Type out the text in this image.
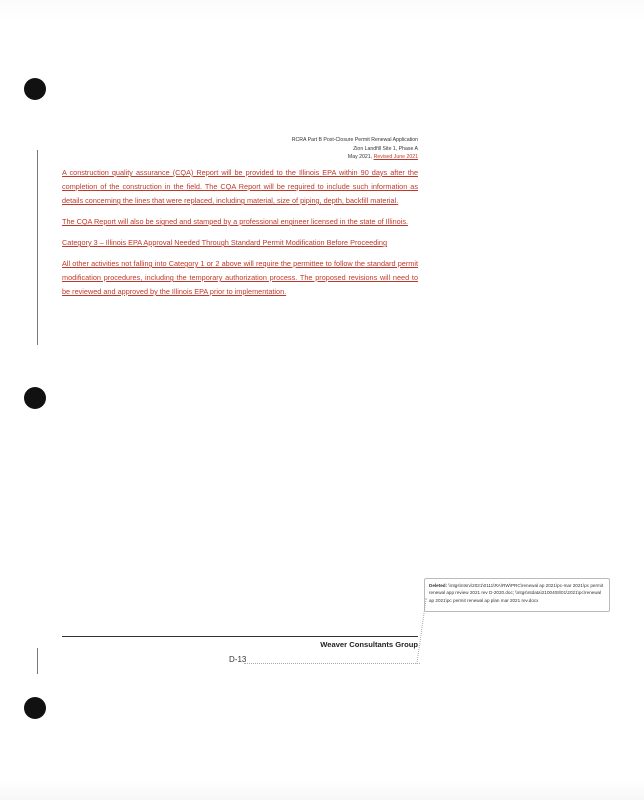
RCRA Part B Post-Closure Permit Renewal Application
Zion Landfill Site 1, Phase A
May 2021, Revised June 2021

A construction quality assurance (CQA) Report will be provided to the Illinois EPA within 90 days after the completion of the construction in the field. The CQA Report will be required to include such information as details concerning the lines that were replaced, including material, size of piping, depth, backfill material.

The CQA Report will also be signed and stamped by a professional engineer licensed in the state of Illinois.

Category 3 – Illinois EPA Approval Needed Through Standard Permit Modification Before Proceeding

All other activities not falling into Category 1 or 2 above will require the permittee to follow the standard permit modification procedures, including the temporary authorization process. The proposed revisions will need to be reviewed and approved by the Illinois EPA prior to implementation.

Deleted: \\ntgs\ntsrv\2021\0111\RA\RW\PRC\renewal ap 2021\pc-mar 2021\pc permit renewal app review 2021 rev D-2020.doc; \\ntgs\ntdata\2100408\01\2021\pc\renewal ap 2021\pc permit renewal ap plan mar 2021 rev.docx
Weaver Consultants Group
D-13
